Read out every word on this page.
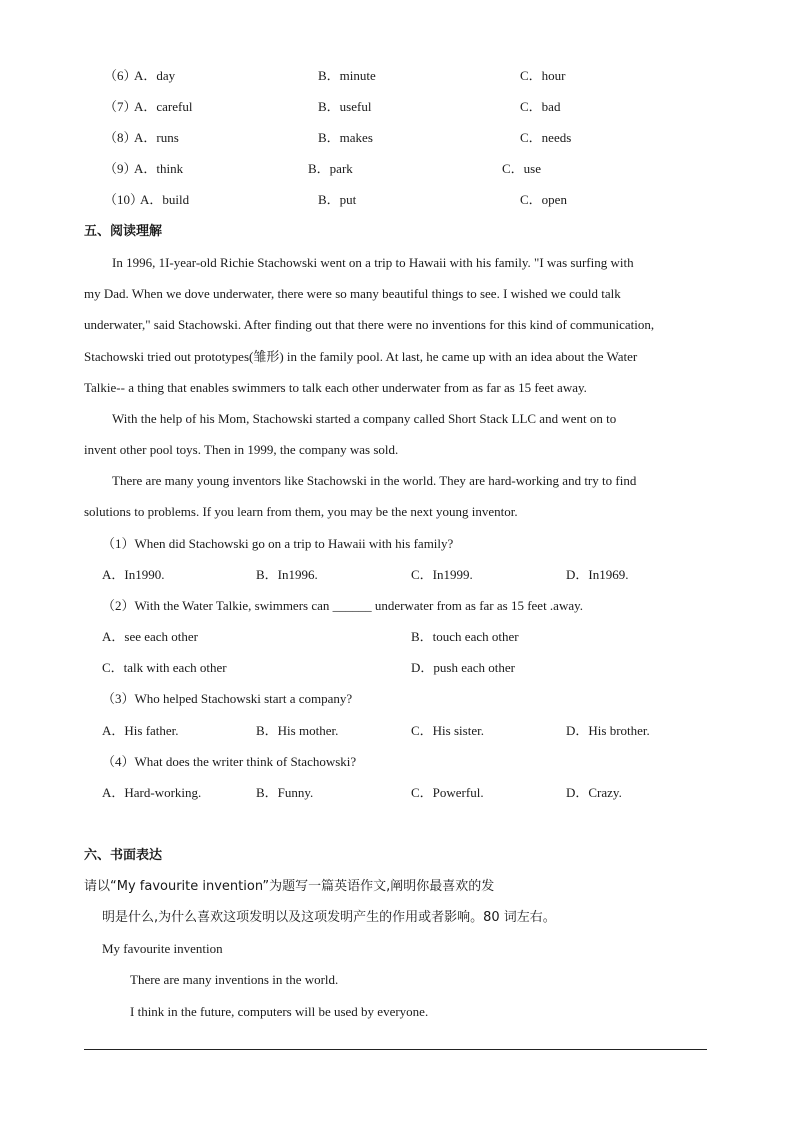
（6）
A．day	B．minute	C．hour
（7）
A．careful	B．useful	C．bad
（8）
A．runs	B．makes	C．needs
（9）
A．think	B．park	C．use
（10）
A．build	B．put	C．open
五、阅读理解
In 1996, 1I-year-old Richie Stachowski went on a trip to Hawaii with his family. "I was surfing with
my Dad. When we dove underwater, there were so many beautiful things to see. I wished we could talk
underwater," said Stachowski. After finding out that there were no inventions for this kind of communication,
Stachowski tried out prototypes(雏形) in the family pool. At last, he came up with an idea about the Water
Talkie-- a thing that enables swimmers to talk each other underwater from as far as 15 feet away.
With the help of his Mom, Stachowski started a company called Short Stack LLC and went on to
invent other pool toys. Then in 1999, the company was sold.
There are many young inventors like Stachowski in the world. They are hard-working and try to find
solutions to problems. If you learn from them, you may be the next young inventor.
（1）When did Stachowski go on a trip to Hawaii with his family?
A．In1990.	B．In1996.	C．In1999.	D．In1969.
（2）With the Water Talkie, swimmers can ______ underwater from as far as 15 feet .away.
A．see each other	B．touch each other
C．talk with each other	D．push each other
（3）Who helped Stachowski start a company?
A．His father.	B．His mother.	C．His sister.	D．His brother.
（4）What does the writer think of Stachowski?
A．Hard-working.	B．Funny.	C．Powerful.	D．Crazy.
六、书面表达
请以“My favourite invention”为题写一篇英语作文,阐明你最喜欢的发
明是什么,为什么喜欢这项发明以及这项发明产生的作用或者影响。80 词左右。
My favourite invention
There are many inventions in the world.
I think in the future, computers will be used by everyone.
